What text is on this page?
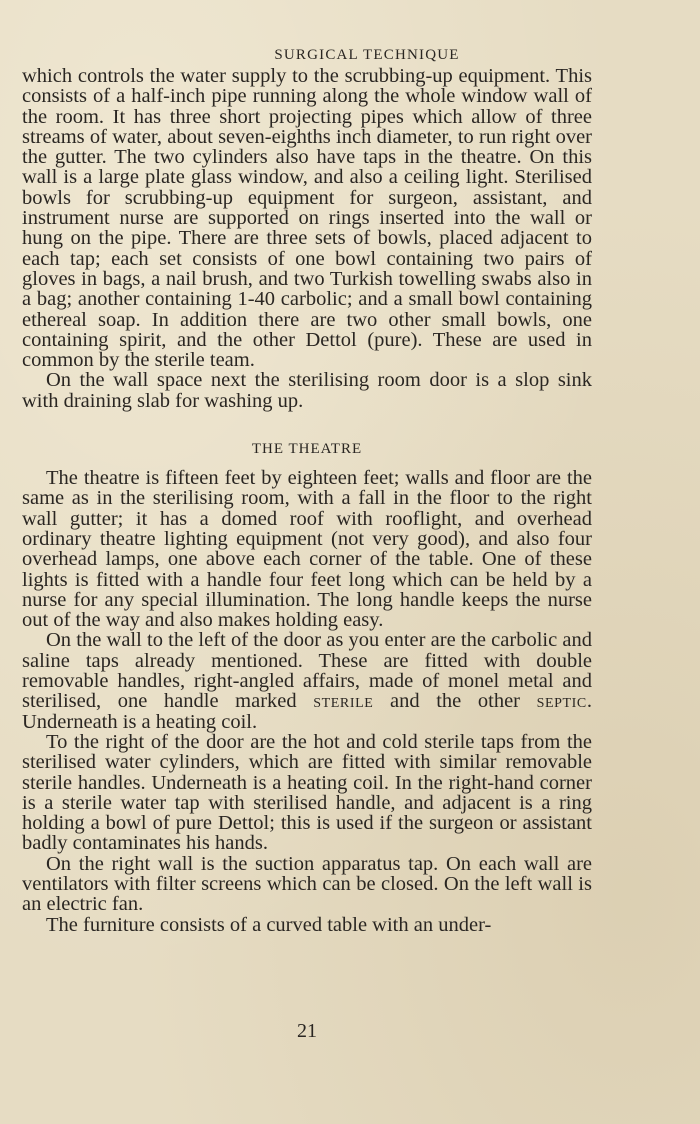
SURGICAL TECHNIQUE

which controls the water supply to the scrubbing-up equipment. This consists of a half-inch pipe running along the whole window wall of the room. It has three short projecting pipes which allow of three streams of water, about seven-eighths inch diameter, to run right over the gutter. The two cylinders also have taps in the theatre. On this wall is a large plate glass window, and also a ceiling light. Sterilised bowls for scrubbing-up equipment for surgeon, assistant, and instrument nurse are supported on rings inserted into the wall or hung on the pipe. There are three sets of bowls, placed adjacent to each tap; each set consists of one bowl containing two pairs of gloves in bags, a nail brush, and two Turkish towelling swabs also in a bag; another containing 1-40 carbolic; and a small bowl containing ethereal soap. In addition there are two other small bowls, one containing spirit, and the other Dettol (pure). These are used in common by the sterile team.

On the wall space next the sterilising room door is a slop sink with draining slab for washing up.

THE THEATRE

The theatre is fifteen feet by eighteen feet; walls and floor are the same as in the sterilising room, with a fall in the floor to the right wall gutter; it has a domed roof with rooflight, and overhead ordinary theatre lighting equipment (not very good), and also four overhead lamps, one above each corner of the table. One of these lights is fitted with a handle four feet long which can be held by a nurse for any special illumination. The long handle keeps the nurse out of the way and also makes holding easy.

On the wall to the left of the door as you enter are the carbolic and saline taps already mentioned. These are fitted with double removable handles, right-angled affairs, made of monel metal and sterilised, one handle marked sterile and the other septic. Underneath is a heating coil.

To the right of the door are the hot and cold sterile taps from the sterilised water cylinders, which are fitted with similar removable sterile handles. Underneath is a heating coil. In the right-hand corner is a sterile water tap with sterilised handle, and adjacent is a ring holding a bowl of pure Dettol; this is used if the surgeon or assistant badly contaminates his hands.

On the right wall is the suction apparatus tap. On each wall are ventilators with filter screens which can be closed. On the left wall is an electric fan.

The furniture consists of a curved table with an under-

21
